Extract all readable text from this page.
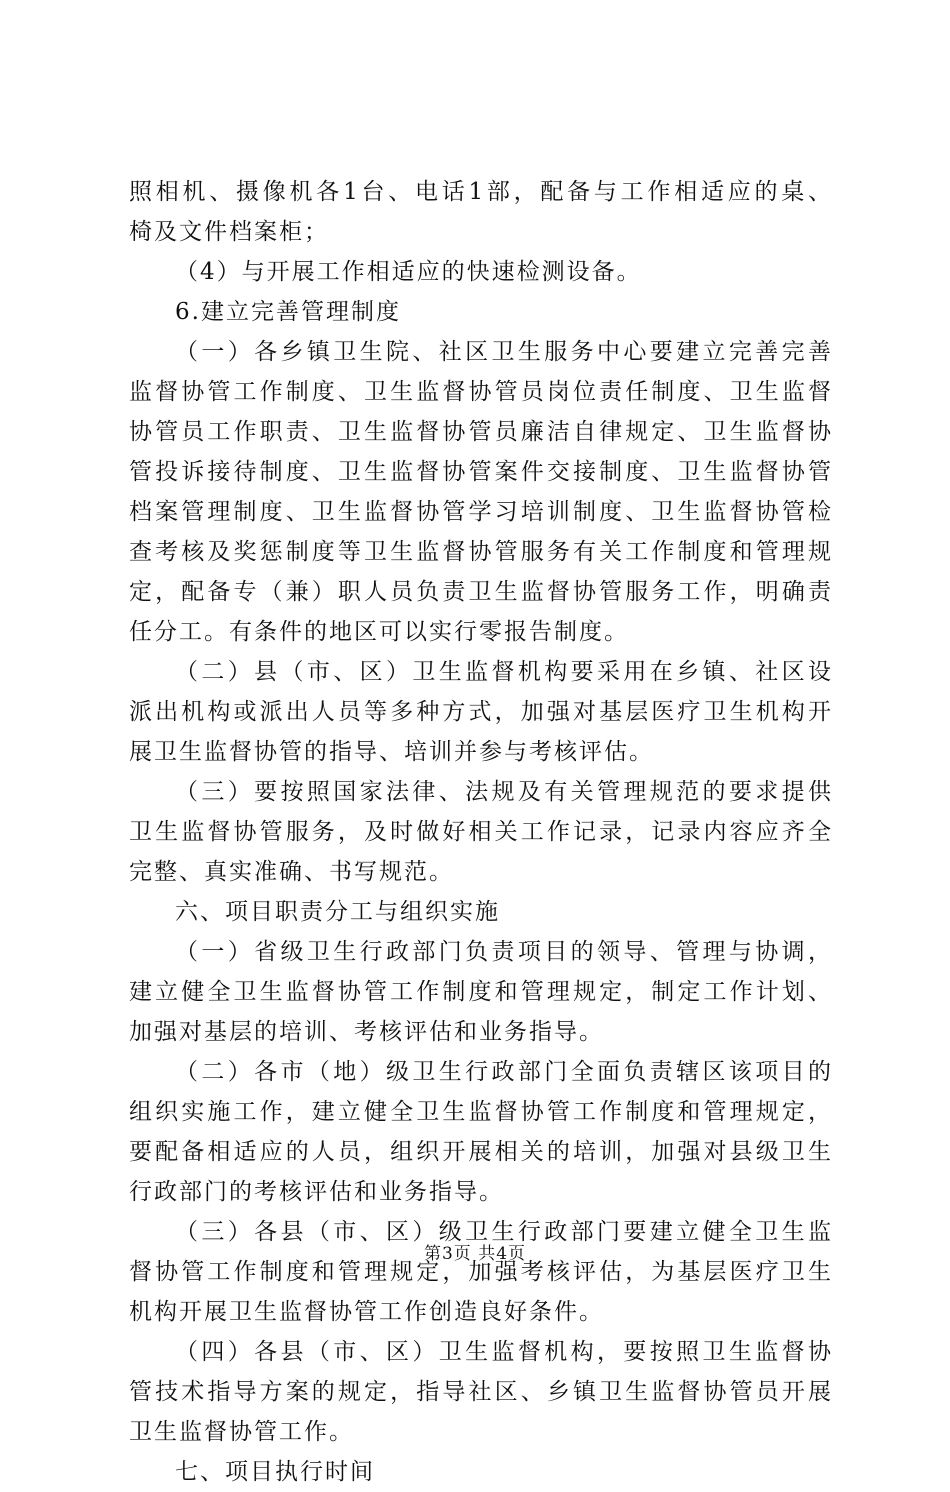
照相机、摄像机各1台、电话1部，配备与工作相适应的桌、
椅及文件档案柜；
（4）与开展工作相适应的快速检测设备。
6.建立完善管理制度
（一）各乡镇卫生院、社区卫生服务中心要建立完善完善
监督协管工作制度、卫生监督协管员岗位责任制度、卫生监督
协管员工作职责、卫生监督协管员廉洁自律规定、卫生监督协
管投诉接待制度、卫生监督协管案件交接制度、卫生监督协管
档案管理制度、卫生监督协管学习培训制度、卫生监督协管检
查考核及奖惩制度等卫生监督协管服务有关工作制度和管理规
定，配备专（兼）职人员负责卫生监督协管服务工作，明确责
任分工。有条件的地区可以实行零报告制度。
（二）县（市、区）卫生监督机构要采用在乡镇、社区设
派出机构或派出人员等多种方式，加强对基层医疗卫生机构开
展卫生监督协管的指导、培训并参与考核评估。
（三）要按照国家法律、法规及有关管理规范的要求提供
卫生监督协管服务，及时做好相关工作记录，记录内容应齐全
完整、真实准确、书写规范。
六、项目职责分工与组织实施
（一）省级卫生行政部门负责项目的领导、管理与协调，
建立健全卫生监督协管工作制度和管理规定，制定工作计划、
加强对基层的培训、考核评估和业务指导。
（二）各市（地）级卫生行政部门全面负责辖区该项目的
组织实施工作，建立健全卫生监督协管工作制度和管理规定，
要配备相适应的人员，组织开展相关的培训，加强对县级卫生
行政部门的考核评估和业务指导。
（三）各县（市、区）级卫生行政部门要建立健全卫生监
督协管工作制度和管理规定，加强考核评估，为基层医疗卫生
机构开展卫生监督协管工作创造良好条件。
（四）各县（市、区）卫生监督机构，要按照卫生监督协
管技术指导方案的规定，指导社区、乡镇卫生监督协管员开展
卫生监督协管工作。
七、项目执行时间
第3页 共4页
